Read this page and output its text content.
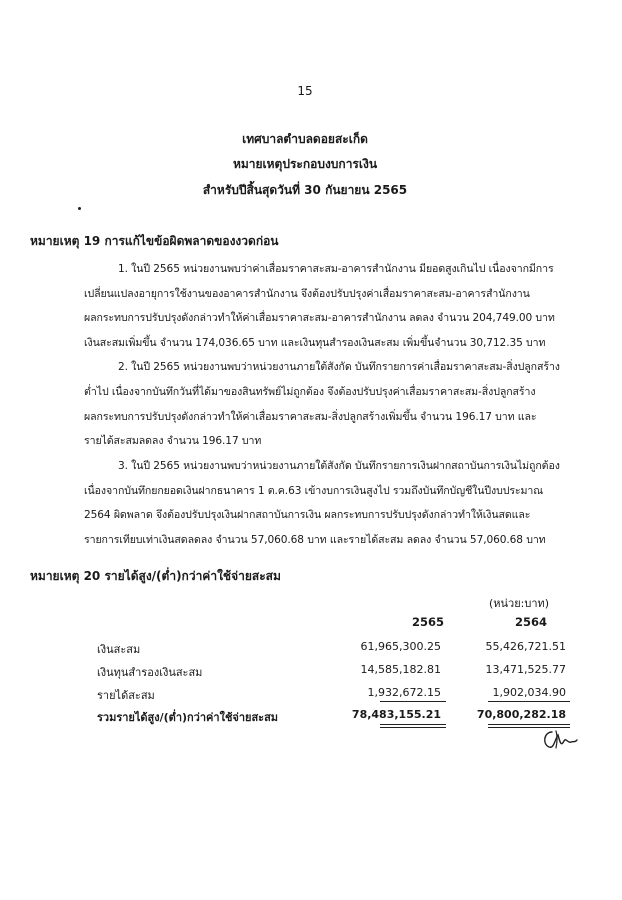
15
เทศบาลตำบลดอยสะเก็ด
หมายเหตุประกอบงบการเงิน
สำหรับปีสิ้นสุดวันที่ 30 กันยายน 2565
หมายเหตุ 19 การแก้ไขข้อผิดพลาดของงวดก่อน
1. ในปี 2565 หน่วยงานพบว่าค่าเสื่อมราคาสะสม-อาคารสำนักงาน มียอดสูงเกินไป เนื่องจากมีการ
เปลี่ยนแปลงอายุการใช้งานของอาคารสำนักงาน จึงต้องปรับปรุงค่าเสื่อมราคาสะสม-อาคารสำนักงาน
ผลกระทบการปรับปรุงดังกล่าวทำให้ค่าเสื่อมราคาสะสม-อาคารสำนักงาน ลดลง จำนวน 204,749.00 บาท
เงินสะสมเพิ่มขึ้น จำนวน 174,036.65 บาท และเงินทุนสำรองเงินสะสม เพิ่มขึ้นจำนวน 30,712.35 บาท
2. ในปี 2565 หน่วยงานพบว่าหน่วยงานภายใต้สังกัด บันทึกรายการค่าเสื่อมราคาสะสม-สิ่งปลูกสร้าง
ต่ำไป เนื่องจากบันทึกวันที่ได้มาของสินทรัพย์ไม่ถูกต้อง จึงต้องปรับปรุงค่าเสื่อมราคาสะสม-สิ่งปลูกสร้าง
ผลกระทบการปรับปรุงดังกล่าวทำให้ค่าเสื่อมราคาสะสม-สิ่งปลูกสร้างเพิ่มขึ้น จำนวน 196.17 บาท และ
รายได้สะสมลดลง จำนวน 196.17 บาท
3. ในปี 2565 หน่วยงานพบว่าหน่วยงานภายใต้สังกัด บันทึกรายการเงินฝากสถาบันการเงินไม่ถูกต้อง
เนื่องจากบันทึกยกยอดเงินฝากธนาคาร 1 ต.ค.63 เข้างบการเงินสูงไป รวมถึงบันทึกบัญชีในปีงบประมาณ
2564 ผิดพลาด จึงต้องปรับปรุงเงินฝากสถาบันการเงิน ผลกระทบการปรับปรุงดังกล่าวทำให้เงินสดและ
รายการเทียบเท่าเงินสดลดลง จำนวน 57,060.68 บาท และรายได้สะสม ลดลง จำนวน 57,060.68 บาท
หมายเหตุ 20 รายได้สูง/(ต่ำ)กว่าค่าใช้จ่ายสะสม
(หน่วย:บาท)
2565	2564
เงินสะสม	61,965,300.25	55,426,721.51
เงินทุนสำรองเงินสะสม	14,585,182.81	13,471,525.77
รายได้สะสม	1,932,672.15	1,902,034.90
รวมรายได้สูง/(ต่ำ)กว่าค่าใช้จ่ายสะสม	78,483,155.21	70,800,282.18
